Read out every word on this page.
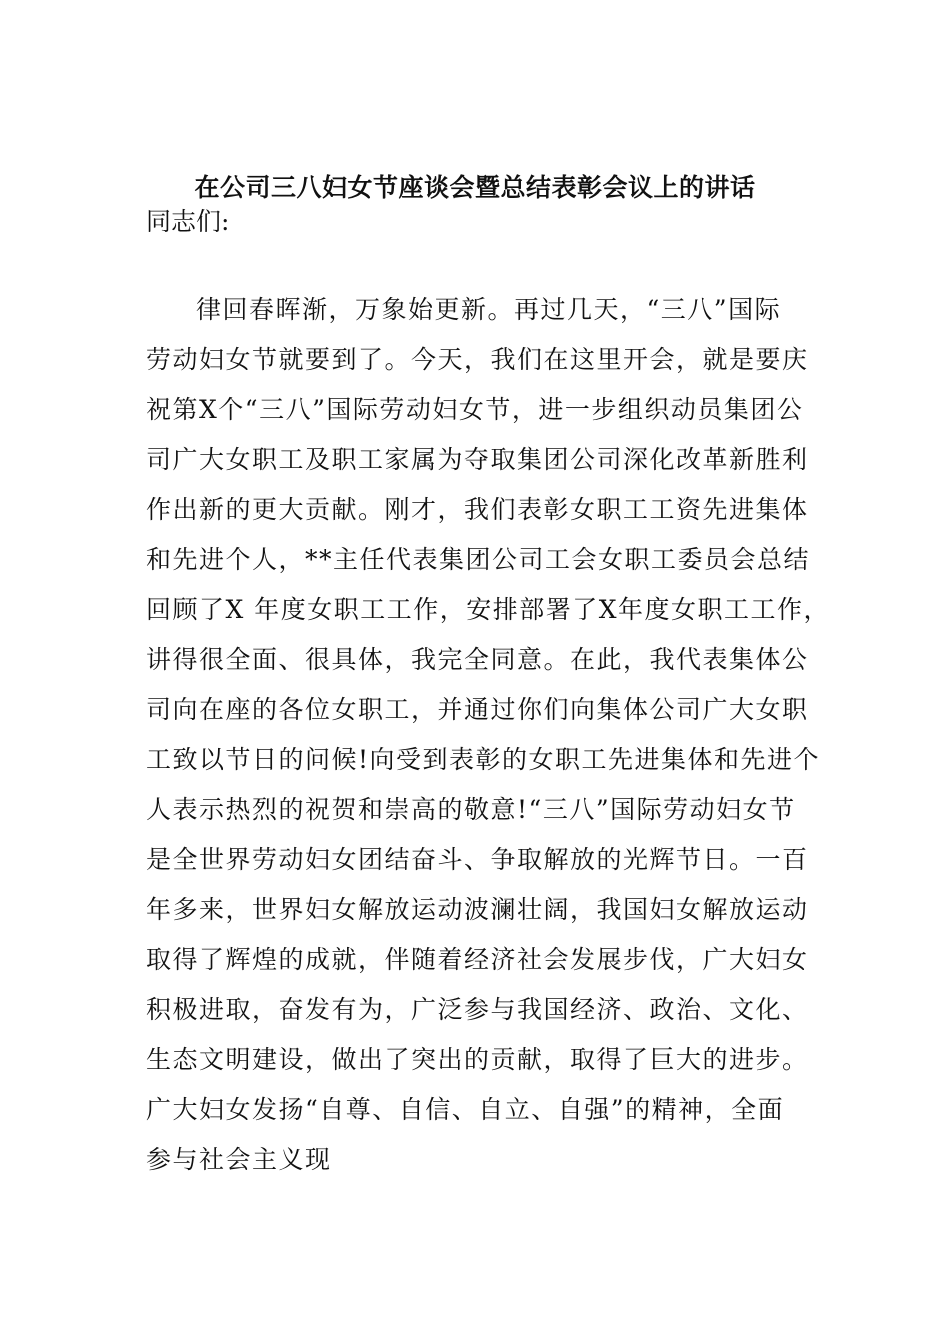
在公司三八妇女节座谈会暨总结表彰会议上的讲话

同志们:

律回春晖渐，万象始更新。再过几天，“三八”国际
劳动妇女节就要到了。今天，我们在这里开会，就是要庆
祝第X个“三八”国际劳动妇女节，进一步组织动员集团公
司广大女职工及职工家属为夺取集团公司深化改革新胜利
作出新的更大贡献。刚才，我们表彰女职工工资先进集体
和先进个人，**主任代表集团公司工会女职工委员会总结
回顾了X 年度女职工工作，安排部署了X年度女职工工作，
讲得很全面、很具体，我完全同意。在此，我代表集体公
司向在座的各位女职工，并通过你们向集体公司广大女职
工致以节日的问候!向受到表彰的女职工先进集体和先进个
人表示热烈的祝贺和崇高的敬意!“三八”国际劳动妇女节
是全世界劳动妇女团结奋斗、争取解放的光辉节日。一百
年多来，世界妇女解放运动波澜壮阔，我国妇女解放运动
取得了辉煌的成就，伴随着经济社会发展步伐，广大妇女
积极进取，奋发有为，广泛参与我国经济、政治、文化、
生态文明建设，做出了突出的贡献，取得了巨大的进步。
广大妇女发扬“自尊、自信、自立、自强”的精神，全面
参与社会主义现
